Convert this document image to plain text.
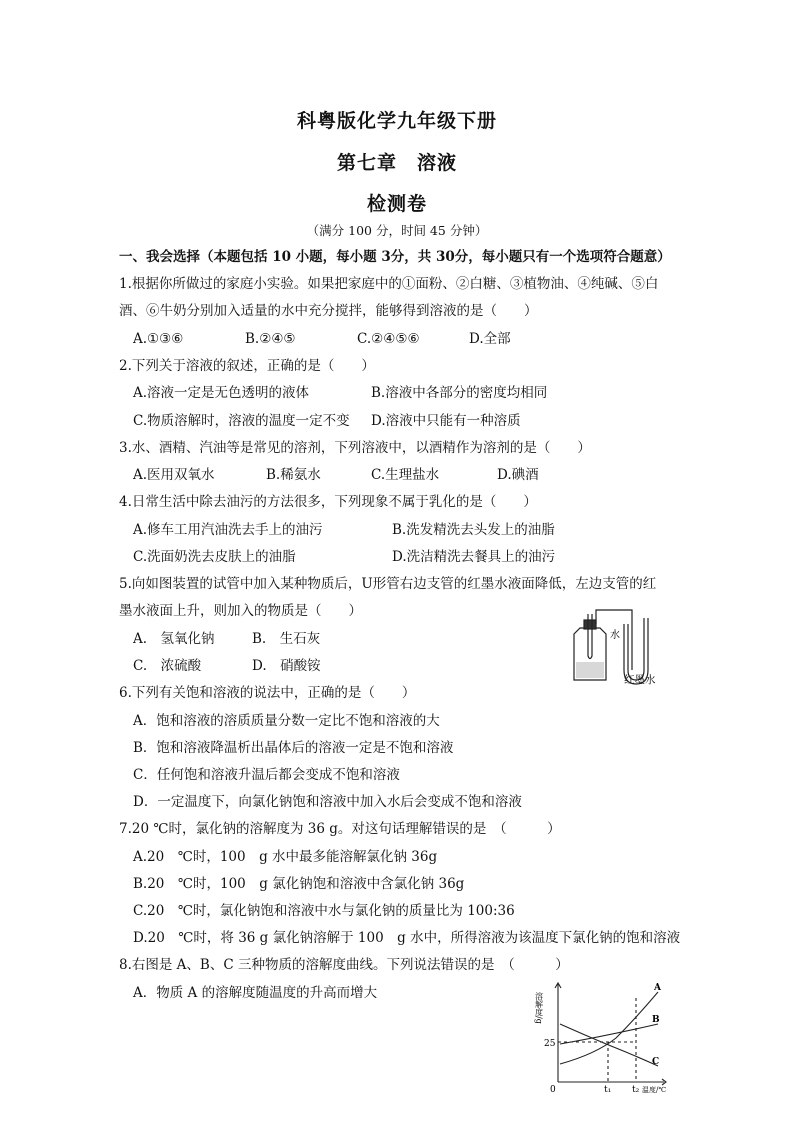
科粤版化学九年级下册
第七章　溶液
检测卷
（满分 100 分，时间 45 分钟）
一、我会选择（本题包括 10 小题，每小题 3分，共 30分，每小题只有一个选项符合题意）
1.根据你所做过的家庭小实验。如果把家庭中的①面粉、②白糖、③植物油、④纯碱、⑤白
酒、⑥牛奶分别加入适量的水中充分搅拌，能够得到溶液的是（　　）
A.①③⑥	B.②④⑤	C.②④⑤⑥	D.全部
2.下列关于溶液的叙述，正确的是（　　）
A.溶液一定是无色透明的液体	B.溶液中各部分的密度均相同
C.物质溶解时，溶液的温度一定不变 D.溶液中只能有一种溶质
3.水、酒精、汽油等是常见的溶剂，下列溶液中，以酒精作为溶剂的是（　　）
A.医用双氧水	B.稀氨水	C.生理盐水	D.碘酒
4.日常生活中除去油污的方法很多，下列现象不属于乳化的是（　　）
A.修车工用汽油洗去手上的油污	B.洗发精洗去头发上的油脂
C.洗面奶洗去皮肤上的油脂	D.洗洁精洗去餐具上的油污
5.向如图装置的试管中加入某种物质后，U形管右边支管的红墨水液面降低，左边支管的红
墨水液面上升，则加入的物质是（　　）
A.　氢氧化钠	B.　生石灰
C.　浓硫酸	D.　硝酸铵
水
红墨水
6.下列有关饱和溶液的说法中，正确的是（　　）
A．饱和溶液的溶质质量分数一定比不饱和溶液的大
B．饱和溶液降温析出晶体后的溶液一定是不饱和溶液
C．任何饱和溶液升温后都会变成不饱和溶液
D．一定温度下，向氯化钠饱和溶液中加入水后会变成不饱和溶液
7.20 ℃时，氯化钠的溶解度为 36 g。对这句话理解错误的是　（　　　）
A.20　℃时，100　g 水中最多能溶解氯化钠 36g
B.20　℃时，100　g 氯化钠饱和溶液中含氯化钠 36g
C.20　℃时，氯化钠饱和溶液中水与氯化钠的质量比为 100:36
D.20　℃时，将 36 g 氯化钠溶解于 100　g 水中，所得溶液为该温度下氯化钠的饱和溶液
8.右图是 A、B、C 三种物质的溶解度曲线。下列说法错误的是　（　　　）
A．物质 A 的溶解度随温度的升高而增大	溶解度/g
25
0	t₁ t₂ 温度/℃
A
B
C
